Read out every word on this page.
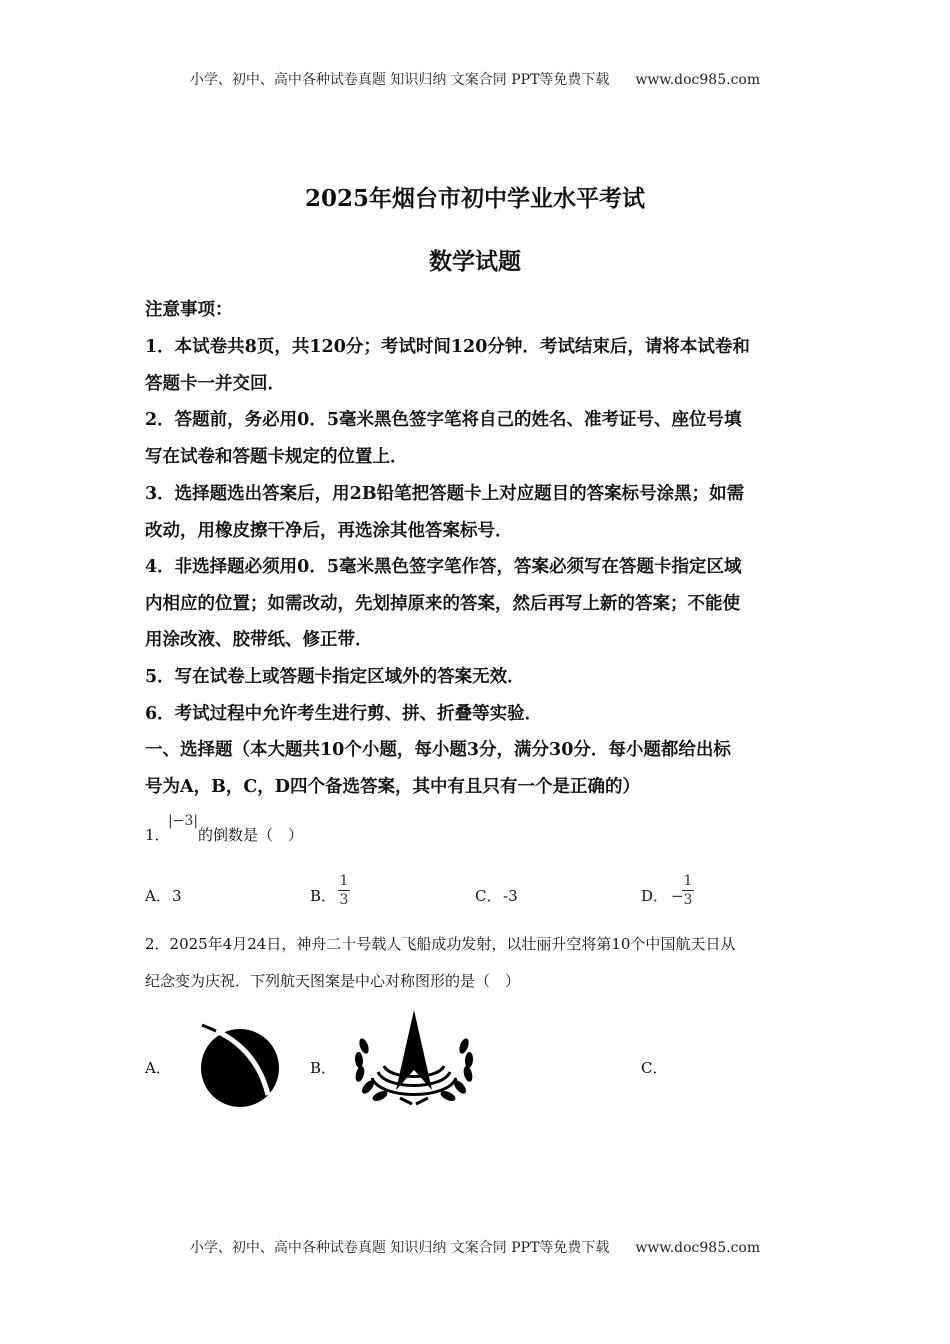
小学、初中、高中各种试卷真题 知识归纳 文案合同 PPT等免费下载 www.doc985.com
2025年烟台市初中学业水平考试
数学试题
注意事项：
1．本试卷共8页，共120分；考试时间120分钟．考试结束后，请将本试卷和
答题卡一并交回．
2．答题前，务必用0．5毫米黑色签字笔将自己的姓名、准考证号、座位号填
写在试卷和答题卡规定的位置上．
3．选择题选出答案后，用2B铅笔把答题卡上对应题目的答案标号涂黑；如需
改动，用橡皮擦干净后，再选涂其他答案标号．
4．非选择题必须用0．5毫米黑色签字笔作答，答案必须写在答题卡指定区域
内相应的位置；如需改动，先划掉原来的答案，然后再写上新的答案；不能使
用涂改液、胶带纸、修正带．
5．写在试卷上或答题卡指定区域外的答案无效．
6．考试过程中允许考生进行剪、拼、折叠等实验．
一、选择题（本大题共10个小题，每小题3分，满分30分．每小题都给出标
号为A，B，C，D四个备选答案，其中有且只有一个是正确的）
1．
|−3|
的倒数是（　）
A． 3	B．
1
3	C． -3	D． −
1
3
2．2025年4月24日，神舟二十号载人飞船成功发射，以壮丽升空将第10个中国航天日从
纪念变为庆祝．下列航天图案是中心对称图形的是（　）
A．	B．	C．
小学、初中、高中各种试卷真题 知识归纳 文案合同 PPT等免费下载 www.doc985.com
